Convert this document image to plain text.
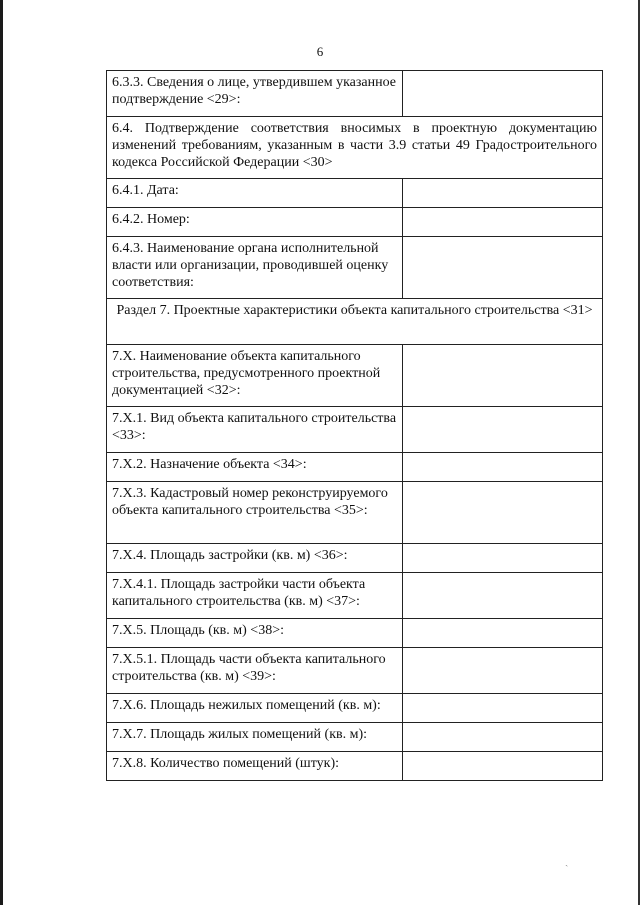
6
6.3.3. Сведения о лице, утвердившем указанное подтверждение <29>:	
6.4. Подтверждение соответствия вносимых в проектную документацию изменений требованиям, указанным в части 3.9 статьи 49 Градостроительного кодекса Российской Федерации <30>	
6.4.1. Дата:	
6.4.2. Номер:	
6.4.3. Наименование органа исполнительной власти или организации, проводившей оценку соответствия:	
Раздел 7. Проектные характеристики объекта капитального строительства <31>	
7.X. Наименование объекта капитального строительства, предусмотренного проектной документацией <32>:	
7.X.1. Вид объекта капитального строительства <33>:	
7.X.2. Назначение объекта <34>:	
7.X.3. Кадастровый номер реконструируемого объекта капитального строительства <35>:	
7.X.4. Площадь застройки (кв. м) <36>:	
7.X.4.1. Площадь застройки части объекта капитального строительства (кв. м) <37>:	
7.X.5. Площадь (кв. м) <38>:	
7.X.5.1. Площадь части объекта капитального строительства (кв. м) <39>:	
7.X.6. Площадь нежилых помещений (кв. м):	
7.X.7. Площадь жилых помещений (кв. м):	
7.X.8. Количество помещений (штук):	
ˏ
